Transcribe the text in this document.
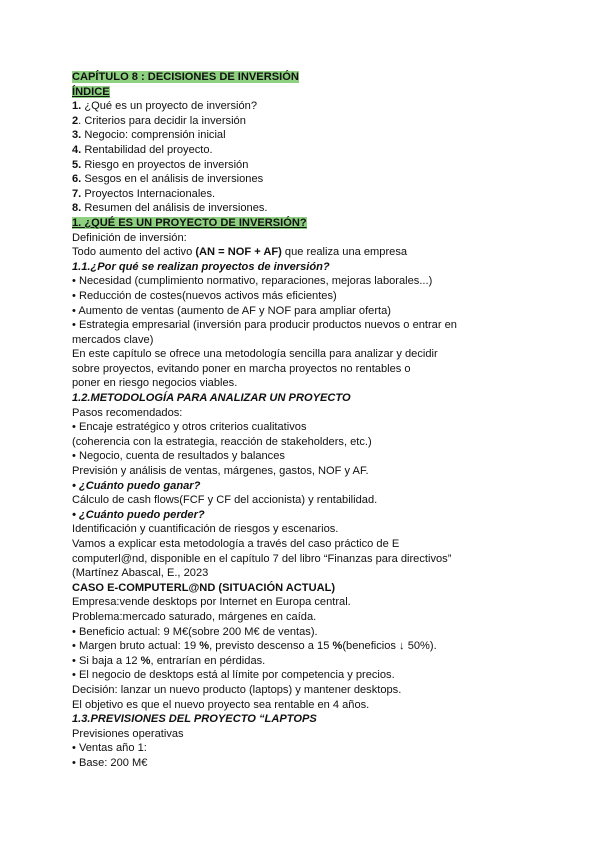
CAPÍTULO 8 : DECISIONES DE INVERSIÓN
ÍNDICE
1. ¿Qué es un proyecto de inversión?
2. Criterios para decidir la inversión
3. Negocio: comprensión inicial
4. Rentabilidad del proyecto.
5. Riesgo en proyectos de inversión
6. Sesgos en el análisis de inversiones
7. Proyectos Internacionales.
8. Resumen del análisis de inversiones.
1. ¿QUÉ ES UN PROYECTO DE INVERSIÓN?
Definición de inversión:
Todo aumento del activo (AN = NOF + AF) que realiza una empresa
1.1.¿Por qué se realizan proyectos de inversión?
• Necesidad (cumplimiento normativo, reparaciones, mejoras laborales...)
• Reducción de costes(nuevos activos más eficientes)
• Aumento de ventas (aumento de AF y NOF para ampliar oferta)
• Estrategia empresarial (inversión para producir productos nuevos o entrar en
mercados clave)
En este capítulo se ofrece una metodología sencilla para analizar y decidir
sobre proyectos, evitando poner en marcha proyectos no rentables o
poner en riesgo negocios viables.
1.2.METODOLOGÍA PARA ANALIZAR UN PROYECTO
Pasos recomendados:
• Encaje estratégico y otros criterios cualitativos
(coherencia con la estrategia, reacción de stakeholders, etc.)
• Negocio, cuenta de resultados y balances
Previsión y análisis de ventas, márgenes, gastos, NOF y AF.
• ¿Cuánto puedo ganar?
Cálculo de cash flows(FCF y CF del accionista) y rentabilidad.
• ¿Cuánto puedo perder?
Identificación y cuantificación de riesgos y escenarios.
Vamos a explicar esta metodología a través del caso práctico de E
computerl@nd, disponible en el capítulo 7 del libro “Finanzas para directivos”
(Martínez Abascal, E., 2023
CASO E-COMPUTERL@ND (SITUACIÓN ACTUAL)
Empresa:vende desktops por Internet en Europa central.
Problema:mercado saturado, márgenes en caída.
• Beneficio actual: 9 M€(sobre 200 M€ de ventas).
• Margen bruto actual: 19 %, previsto descenso a 15 %(beneficios ↓ 50%).
• Si baja a 12 %, entrarían en pérdidas.
• El negocio de desktops está al límite por competencia y precios.
Decisión: lanzar un nuevo producto (laptops) y mantener desktops.
El objetivo es que el nuevo proyecto sea rentable en 4 años.
1.3.PREVISIONES DEL PROYECTO “LAPTOPS
Previsiones operativas
• Ventas año 1:
• Base: 200 M€
